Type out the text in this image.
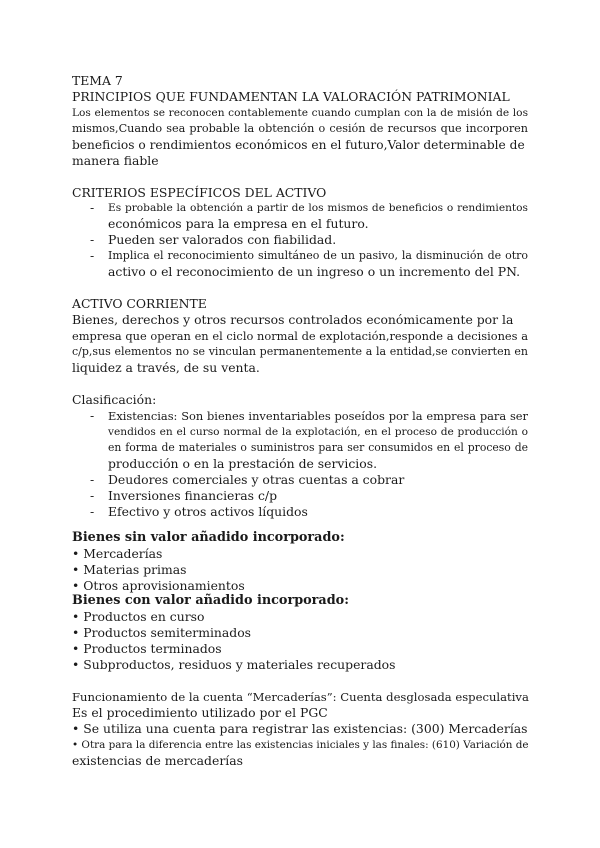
TEMA 7
PRINCIPIOS QUE FUNDAMENTAN LA VALORACIÓN PATRIMONIAL
Los elementos se reconocen contablemente cuando cumplan con la de misión de los
mismos,Cuando sea probable la obtención o cesión de recursos que incorporen
beneficios o rendimientos económicos en el futuro,Valor determinable de
manera fiable
CRITERIOS ESPECÍFICOS DEL ACTIVO
-	Es probable la obtención a partir de los mismos de beneficios o rendimientos
económicos para la empresa en el futuro.
-	Pueden ser valorados con fiabilidad.
-	Implica el reconocimiento simultáneo de un pasivo, la disminución de otro
activo o el reconocimiento de un ingreso o un incremento del PN.
ACTIVO CORRIENTE
Bienes, derechos y otros recursos controlados económicamente por la
empresa que operan en el ciclo normal de explotación,responde a decisiones a
c/p,sus elementos no se vinculan permanentemente a la entidad,se convierten en
liquidez a través, de su venta.
Clasificación:
-	Existencias: Son bienes inventariables poseídos por la empresa para ser
vendidos en el curso normal de la explotación, en el proceso de producción o
en forma de materiales o suministros para ser consumidos en el proceso de
producción o en la prestación de servicios.
-	Deudores comerciales y otras cuentas a cobrar
-	Inversiones financieras c/p
-	Efectivo y otros activos líquidos
Bienes sin valor añadido incorporado:
• Mercaderías
• Materias primas
• Otros aprovisionamientos
Bienes con valor añadido incorporado:
• Productos en curso
• Productos semiterminados
• Productos terminados
• Subproductos, residuos y materiales recuperados
Funcionamiento de la cuenta “Mercaderías”: Cuenta desglosada especulativa
Es el procedimiento utilizado por el PGC
• Se utiliza una cuenta para registrar las existencias: (300) Mercaderías
• Otra para la diferencia entre las existencias iniciales y las finales: (610) Variación de
existencias de mercaderías
